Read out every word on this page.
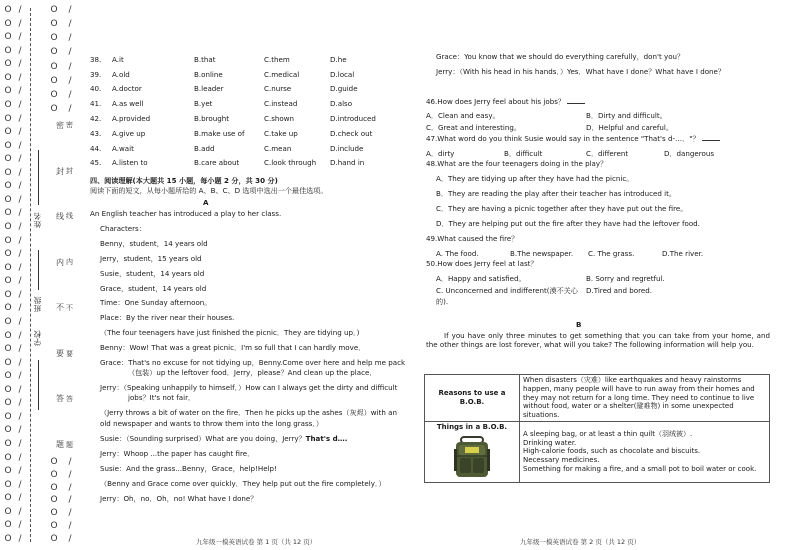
O
O
O
O
O
O
O
O
O
O
O
O
O
O
O
O
O
O
O
O
O
O
O
O
O
O
O
O
O
O
O
O
O
O
O
O
O
O
O
O
/
/
/
/
/
/
/
/
/
/
/
/
/
/
/
/
/
/
/
/
/
/
/
/
/
/
/
/
/
/
/
/
/
/
/
/
/
/
/
/
学校
班级
姓名
密
封
线
内
不
要
答
题
密
封
线
内
不
要
答
题
/
/
/
/
/
/
/
/
/
/
/
/
/
/
/
O
O
O
O
O
O
O
O
O
O
O
O
O
O
O
38.	A.it	B.that	C.them	D.he
39.	A.old	B.online	C.medical	D.local
40.	A.doctor	B.leader	C.nurse	D.guide
41.	A.as well	B.yet	C.instead	D.also
42.	A.provided	B.brought	C.shown	D.introduced
43.	A.give up	B.make use of	C.take up	D.check out
44.	A.wait	B.add	C.mean	D.include
45.	A.listen to	B.care about	C.look through	D.hand in
四、阅读理解(本大题共 15 小题，每小题 2 分，共 30 分)
阅读下面的短文，从每小题所给的 A、B、C、D 选项中选出一个最佳选项。
A
An English teacher has introduced a play to her class.
Characters：
Benny，student，14 years old
Jerry，student，15 years old
Susie，student，14 years old
Grace，student，14 years old
Time：One Sunday afternoon。
Place：By the river near their houses.
（The four teenagers have just finished the picnic．They are tidying up．)
Benny：Wow! That was a great picnic．I'm so full that I can hardly move．
Grace：That's no excuse for not tidying up，Benny.Come over here and help me pack
（包装）up the leftover food．Jerry，please？And clean up the place．
Jerry：（Speaking unhappily to himself．）How can I always get the dirty and difficult
jobs？It's not fair．
（Jerry throws a bit of water on the fire．Then he picks up the ashes（灰烬）with an
old newspaper and wants to throw them into the long grass．）
Susie：（Sounding surprised）What are you doing，Jerry？That's d….
Jerry：Whoop ...the paper has caught fire．
Susie：And the grass...Benny，Grace，help!Help!
（Benny and Grace come over quickly．They help put out the fire completely．）
Jerry：Oh，no．Oh，no! What have I done？
Grace：You know that we should do everything carefully，don't you？
Jerry：（With his head in his hands．）Yes．What have I done？What have I done？
46.How does Jerry feel about his jobs？
A．Clean and easy。	B．Dirty and difficult。
C．Great and interesting。	D．Helpful and careful。
47.What word do you think Susie would say in the sentence "That's d-…．"？
A．dirty	B．difficult	C．different	D．dangerous
48.What are the four teenagers doing in the play？
A．They are tidying up after they have had the picnic。
B．They are reading the play after their teacher has introduced it。
C．They are having a picnic together after they have put out the fire。
D．They are helping put out the fire after they have had the leftover food.
49.What caused the fire？
A. The food.	B.The newspaper.	C. The grass.	D.The river.
50.How does Jerry feel at last？
A．Happy and satisfied。	B. Sorry and regretful.
C. Unconcerned and indifferent(漠不关心	D.Tired and bored.
的).
B
If you have only three minutes to get something that you can take from your home, and the other things are lost forever, what will you take? The following information will help you.
Reasons to use a B.O.B.	When disasters（灾难）like earthquakes and heavy rainstorms happen, many people will have to run away from their homes and they may not return for a long time. They need to continue to live without food, water or a shelter(避难物) in some unexpected situations.

Things in a B.O.B.	A sleeping bag, or at least a thin quilt（羽绒被）.
Drinking water.
High-calorie foods, such as chocolate and biscuits.
Necessary medicines.
Something for making a fire, and a small pot to boil water or cook.
九年级一模英语试卷 第 1 页（共 12 页）	九年级一模英语试卷 第 2 页（共 12 页）
